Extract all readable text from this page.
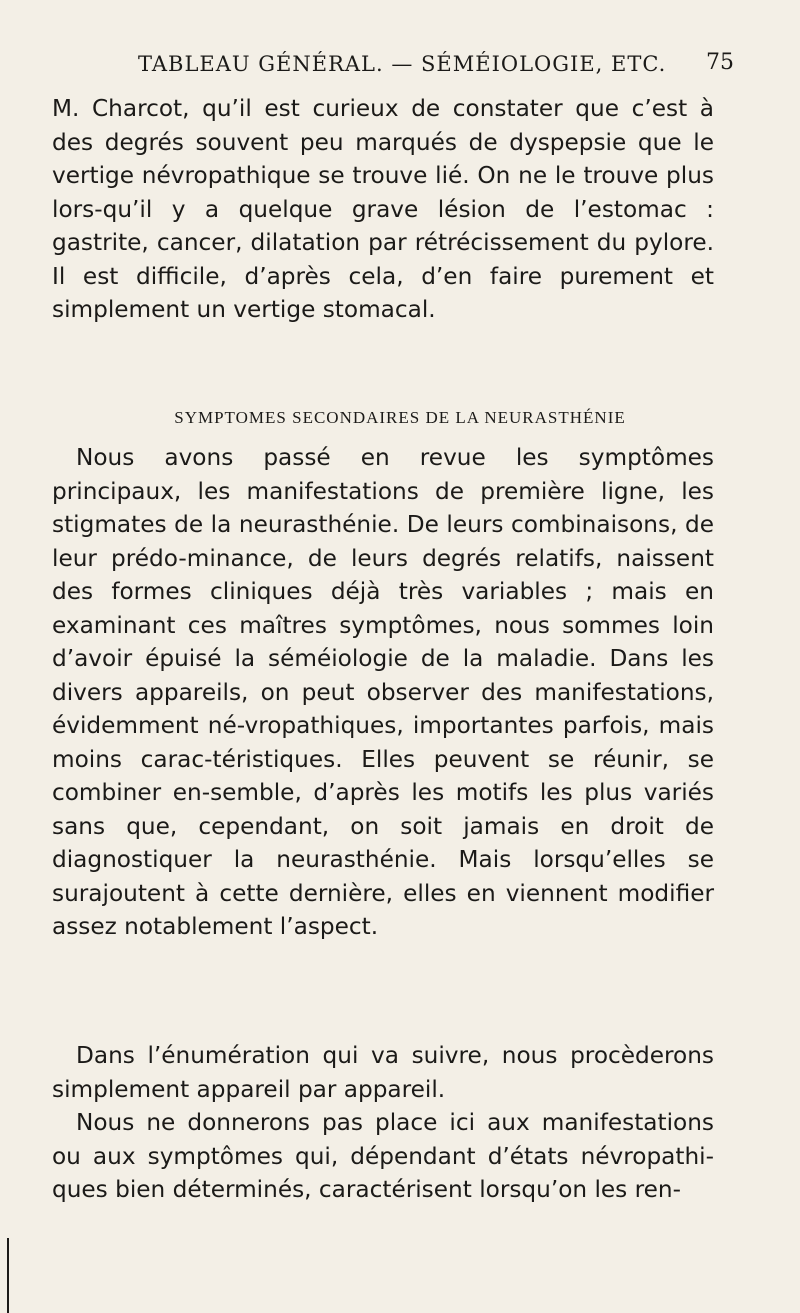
TABLEAU GÉNÉRAL. — SÉMÉIOLOGIE, ETC. 75

M. Charcot, qu’il est curieux de constater que c’est à des degrés souvent peu marqués de dyspepsie que le vertige névropathique se trouve lié. On ne le trouve plus lors-qu’il y a quelque grave lésion de l’estomac : gastrite, cancer, dilatation par rétrécissement du pylore. Il est difficile, d’après cela, d’en faire purement et simplement un vertige stomacal.

SYMPTOMES SECONDAIRES DE LA NEURASTHÉNIE

Nous avons passé en revue les symptômes principaux, les manifestations de première ligne, les stigmates de la neurasthénie. De leurs combinaisons, de leur prédo-minance, de leurs degrés relatifs, naissent des formes cliniques déjà très variables ; mais en examinant ces maîtres symptômes, nous sommes loin d’avoir épuisé la séméiologie de la maladie. Dans les divers appareils, on peut observer des manifestations, évidemment né-vropathiques, importantes parfois, mais moins carac-téristiques. Elles peuvent se réunir, se combiner en-semble, d’après les motifs les plus variés sans que, cependant, on soit jamais en droit de diagnostiquer la neurasthénie. Mais lorsqu’elles se surajoutent à cette dernière, elles en viennent modifier assez notablement l’aspect.

Dans l’énumération qui va suivre, nous procèderons simplement appareil par appareil.

Nous ne donnerons pas place ici aux manifestations ou aux symptômes qui, dépendant d’états névropathi-ques bien déterminés, caractérisent lorsqu’on les ren-
